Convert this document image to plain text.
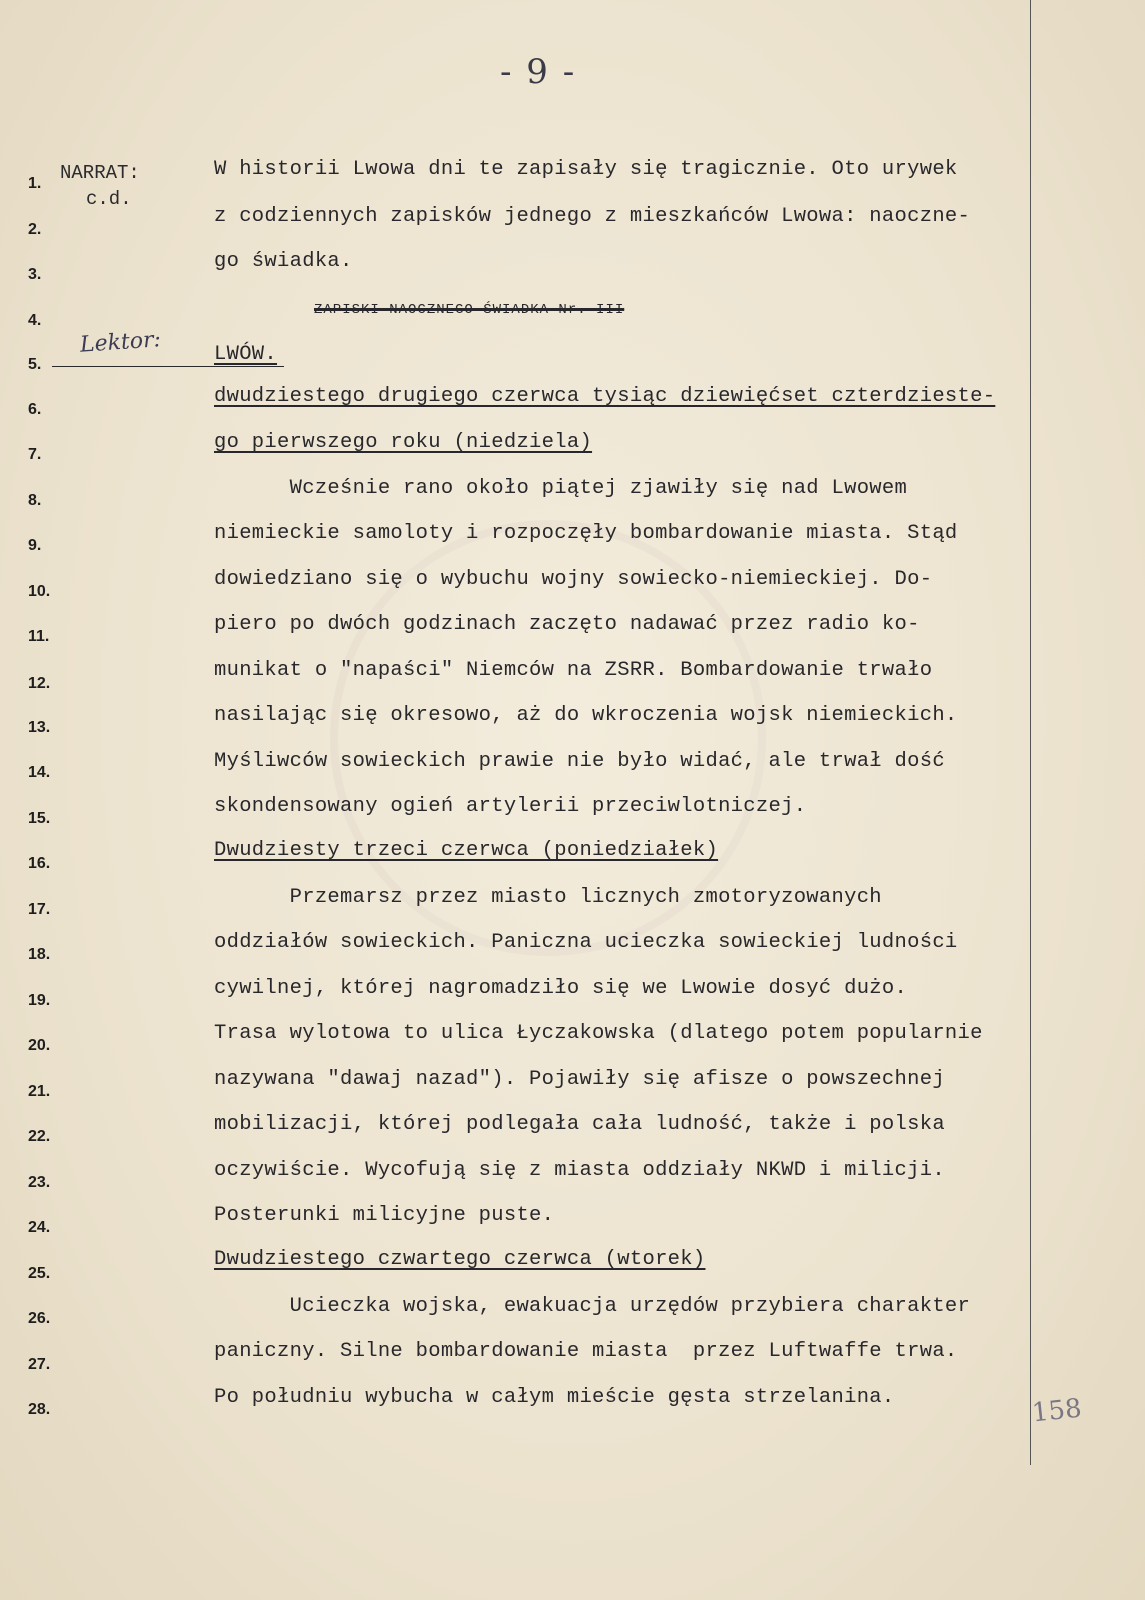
- 9 -
NARRAT:
c.d.
Lektor:
1.
2.
3.
4.
5.
6.
7.
8.
9.
10.
11.
12.
13.
14.
15.
16.
17.
18.
19.
20.
21.
22.
23.
24.
25.
26.
27.
28.
W historii Lwowa dni te zapisały się tragicznie. Oto urywek
z codziennych zapisków jednego z mieszkańców Lwowa: naoczne-
go świadka.
ZAPISKI NAOCZNEGO ŚWIADKA Nr. III
LWÓW.
dwudziestego drugiego czerwca tysiąc dziewięćset czterdzieste-
go pierwszego roku (niedziela)
Wcześnie rano około piątej zjawiły się nad Lwowem
niemieckie samoloty i rozpoczęły bombardowanie miasta. Stąd
dowiedziano się o wybuchu wojny sowiecko-niemieckiej. Do-
piero po dwóch godzinach zaczęto nadawać przez radio ko-
munikat o "napaści" Niemców na ZSRR. Bombardowanie trwało
nasilając się okresowo, aż do wkroczenia wojsk niemieckich.
Myśliwców sowieckich prawie nie było widać, ale trwał dość
skondensowany ogień artylerii przeciwlotniczej.
Dwudziesty trzeci czerwca (poniedziałek)
Przemarsz przez miasto licznych zmotoryzowanych
oddziałów sowieckich. Paniczna ucieczka sowieckiej ludności
cywilnej, której nagromadziło się we Lwowie dosyć dużo.
Trasa wylotowa to ulica Łyczakowska (dlatego potem popularnie
nazywana "dawaj nazad"). Pojawiły się afisze o powszechnej
mobilizacji, której podlegała cała ludność, także i polska
oczywiście. Wycofują się z miasta oddziały NKWD i milicji.
Posterunki milicyjne puste.
Dwudziestego czwartego czerwca (wtorek)
Ucieczka wojska, ewakuacja urzędów przybiera charakter
paniczny. Silne bombardowanie miasta  przez Luftwaffe trwa.
Po południu wybucha w całym mieście gęsta strzelanina.	158
